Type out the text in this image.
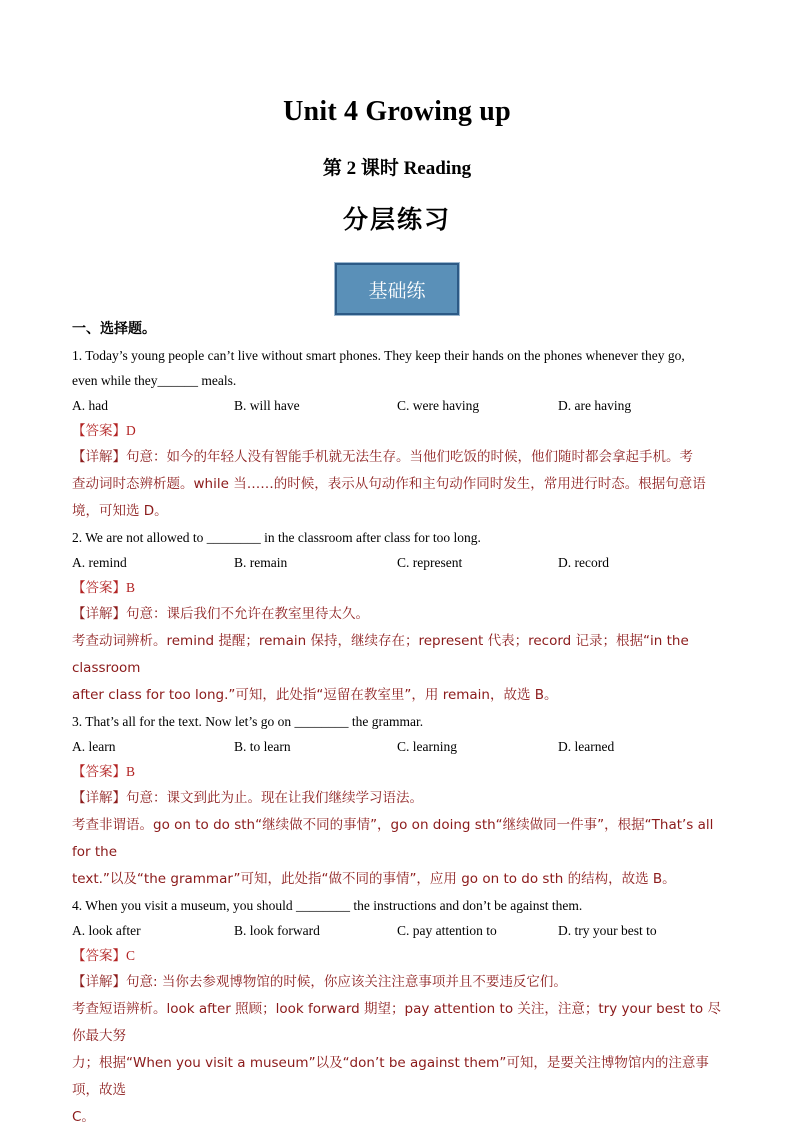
Unit 4 Growing up
第 2 课时 Reading
分层练习
基础练
一、选择题。

1. Today’s young people can’t live without smart phones. They keep their hands on the phones whenever they go,

even while they______ meals.

A. had	B. will have	C. were having	D. are having
【答案】D

【详解】句意：如今的年轻人没有智能手机就无法生存。当他们吃饭的时候，他们随时都会拿起手机。考

查动词时态辨析题。while 当……的时候，表示从句动作和主句动作同时发生，常用进行时态。根据句意语

境，可知选 D。

2. We are not allowed to ________ in the classroom after class for too long.

A. remind	B. remain	C. represent	D. record
【答案】B

【详解】句意：课后我们不允许在教室里待太久。

考查动词辨析。remind 提醒；remain 保持，继续存在；represent 代表；record 记录；根据“in the classroom

after class for too long.”可知，此处指“逗留在教室里”，用 remain，故选 B。

3. That’s all for the text. Now let’s go on ________ the grammar.

A. learn	B. to learn	C. learning	D. learned
【答案】B

【详解】句意：课文到此为止。现在让我们继续学习语法。

考查非谓语。go on to do sth“继续做不同的事情”，go on doing sth“继续做同一件事”，根据“That’s all for the

text.”以及“the grammar”可知，此处指“做不同的事情”，应用 go on to do sth 的结构，故选 B。

4. When you visit a museum, you should ________ the instructions and don’t be against them.

A. look after	B. look forward	C. pay attention to	D. try your best to
【答案】C

【详解】句意: 当你去参观博物馆的时候，你应该关注注意事项并且不要违反它们。

考查短语辨析。look after 照顾；look forward 期望；pay attention to 关注，注意；try your best to 尽你最大努

力；根据“When you visit a museum”以及“don’t be against them”可知，是要关注博物馆内的注意事项，故选

C。
